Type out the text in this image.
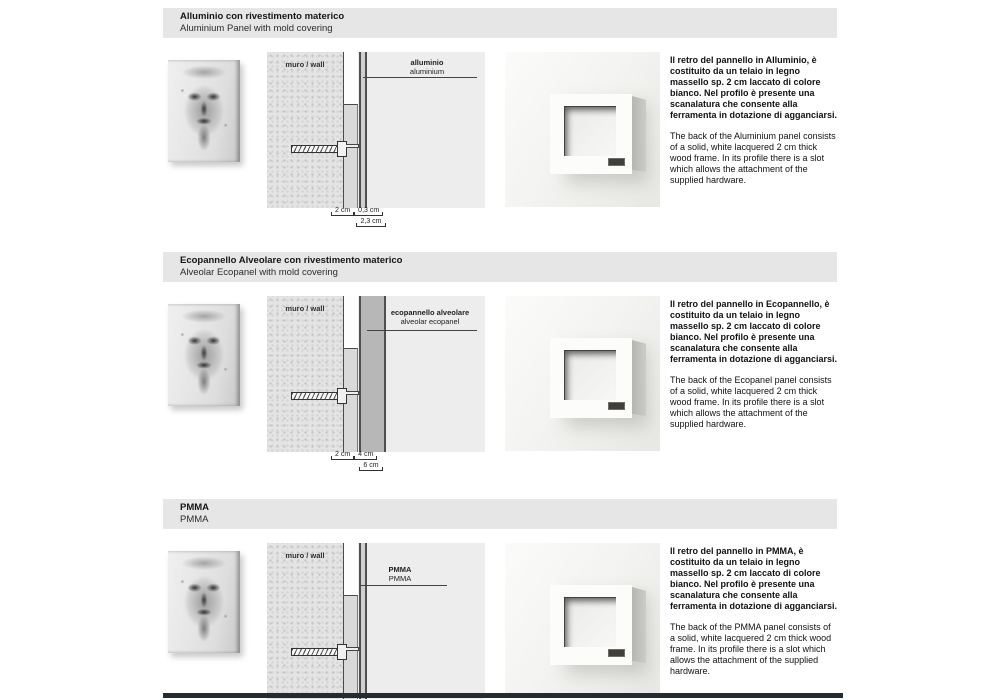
Alluminio con rivestimento materico
Aluminium Panel with mold covering
muro / wall	alluminio
aluminium

Il retro del pannello in Alluminio, è costituito da un telaio in legno massello sp. 2 cm laccato di colore bianco. Nel profilo è presente una scanalatura che consente alla ferramenta in dotazione di agganciarsi.

The back of the Aluminium panel consists of a solid, white lacquered 2 cm thick wood frame. In its profile there is a slot which allows the attachment of the supplied hardware.

2 cm	0,3 cm
2,3 cm
Ecopannello Alveolare con rivestimento materico
Alveolar Ecopanel with mold covering
muro / wall	ecopannello alveolare
alveolar ecopanel

Il retro del pannello in Ecopannello, è costituito da un telaio in legno massello sp. 2 cm laccato di colore bianco. Nel profilo è presente una scanalatura che consente alla ferramenta in dotazione di agganciarsi.

The back of the Ecopanel panel consists of a solid, white lacquered 2 cm thick wood frame. In its profile there is a slot which allows the attachment of the supplied hardware.

2 cm	4 cm
6 cm
PMMA
PMMA
muro / wall
PMMA
PMMA

Il retro del pannello in PMMA, è costituito da un telaio in legno massello sp. 2 cm laccato di colore bianco. Nel profilo è presente una scanalatura che consente alla ferramenta in dotazione di agganciarsi.

The back of the PMMA panel consists of a solid, white lacquered 2 cm thick wood frame. In its profile there is a slot which allows the attachment of the supplied hardware.
